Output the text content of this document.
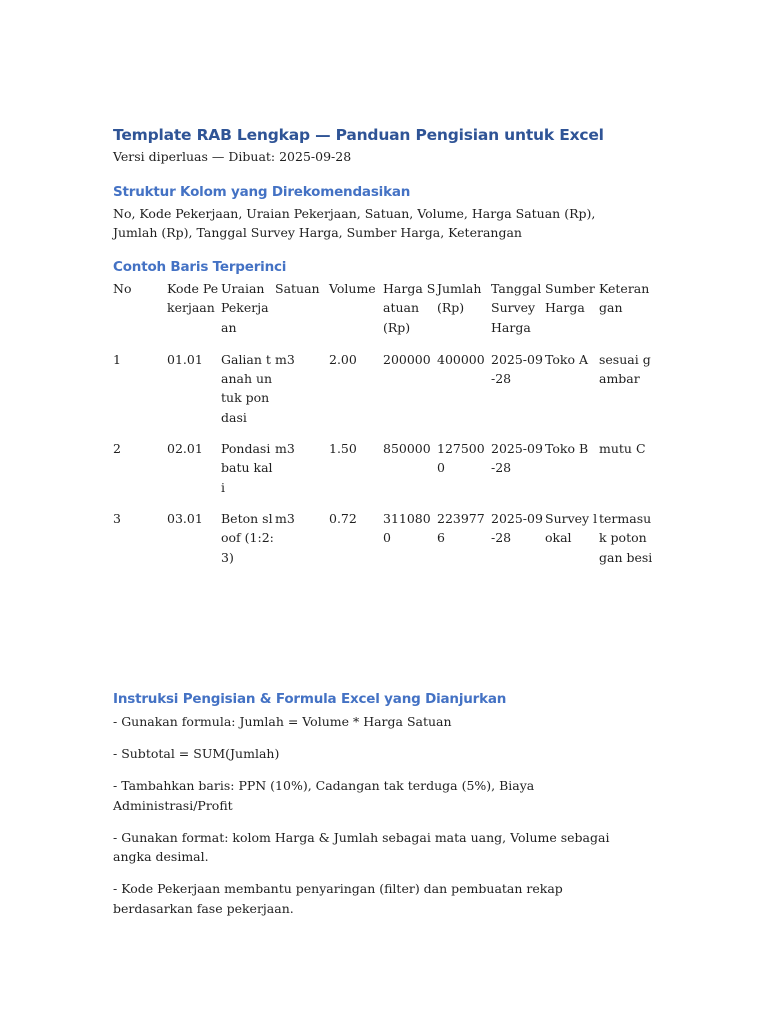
Template RAB Lengkap — Panduan Pengisian untuk Excel

Versi diperluas — Dibuat: 2025-09-28

Struktur Kolom yang Direkomendasikan

No, Kode Pekerjaan, Uraian Pekerjaan, Satuan, Volume, Harga Satuan (Rp), Jumlah (Rp), Tanggal Survey Harga, Sumber Harga, Keterangan

Contoh Baris Terperinci
No	Kode Pekerjaan	Uraian Pekerjaan	Satuan	Volume	Harga Satuan (Rp)	Jumlah (Rp)	Tanggal Survey Harga	Sumber Harga	Keterangan
1	01.01	Galian tanah untuk pondasi	m3	2.00	200000	400000	2025-09-28	Toko A	sesuai gambar
2	02.01	Pondasi batu kali	m3	1.50	850000	1275000	2025-09-28	Toko B	mutu C
3	03.01	Beton sloof (1:2:3)	m3	0.72	3110800	2239776	2025-09-28	Survey lokal	termasuk potongan besi
Instruksi Pengisian & Formula Excel yang Dianjurkan

- Gunakan formula: Jumlah = Volume * Harga Satuan

- Subtotal = SUM(Jumlah)

- Tambahkan baris: PPN (10%), Cadangan tak terduga (5%), Biaya Administrasi/Profit

- Gunakan format: kolom Harga & Jumlah sebagai mata uang, Volume sebagai angka desimal.

- Kode Pekerjaan membantu penyaringan (filter) dan pembuatan rekap berdasarkan fase pekerjaan.
